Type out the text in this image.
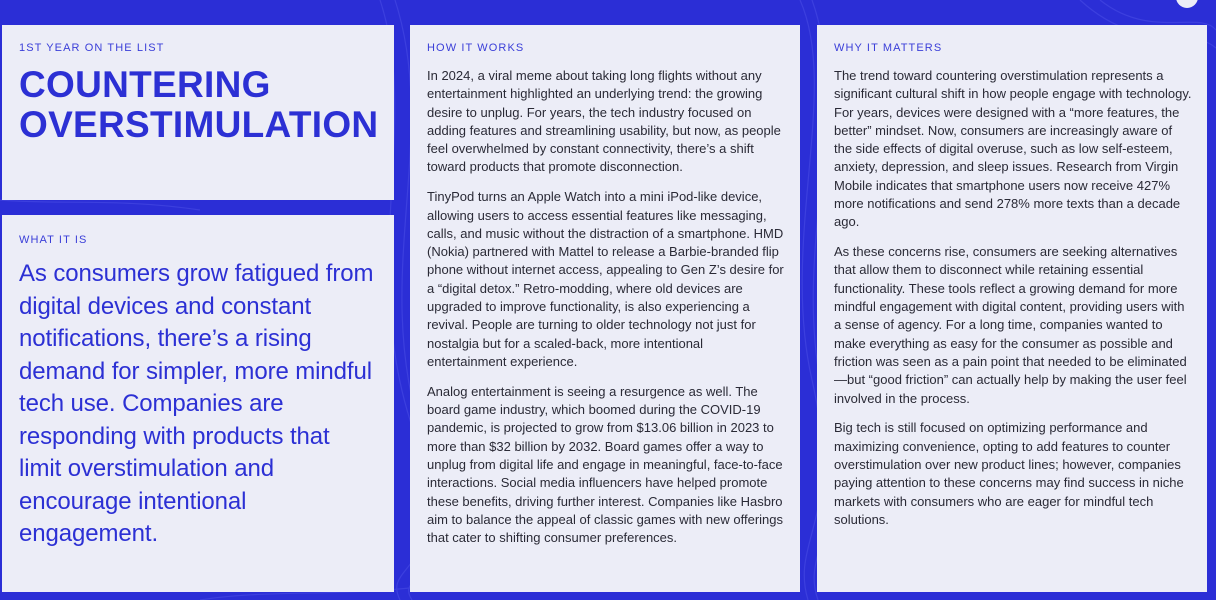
1ST YEAR ON THE LIST

COUNTERING
OVERSTIMULATION

WHAT IT IS

As consumers grow fatigued from digital devices and constant notifications, there’s a rising demand for simpler, more mindful tech use. Companies are responding with products that limit overstimulation and encourage intentional engagement.

HOW IT WORKS

In 2024, a viral meme about taking long flights without any entertainment highlighted an underlying trend: the growing desire to unplug. For years, the tech industry focused on adding features and streamlining usability, but now, as people feel overwhelmed by constant connectivity, there’s a shift toward products that promote disconnection.

TinyPod turns an Apple Watch into a mini iPod-like device, allowing users to access essential features like messaging, calls, and music without the distraction of a smartphone. HMD (Nokia) partnered with Mattel to release a Barbie-branded flip phone without internet access, appealing to Gen Z’s desire for a “digital detox.” Retro-modding, where old devices are upgraded to improve functionality, is also experiencing a revival. People are turning to older technology not just for nostalgia but for a scaled-back, more intentional entertainment experience.

Analog entertainment is seeing a resurgence as well. The board game industry, which boomed during the COVID-19 pandemic, is projected to grow from $13.06 billion in 2023 to more than $32 billion by 2032. Board games offer a way to unplug from digital life and engage in meaningful, face-to-face interactions. Social media influencers have helped promote these benefits, driving further interest. Companies like Hasbro aim to balance the appeal of classic games with new offerings that cater to shifting consumer preferences.

WHY IT MATTERS

The trend toward countering overstimulation represents a significant cultural shift in how people engage with technology. For years, devices were designed with a “more features, the better” mindset. Now, consumers are increasingly aware of the side effects of digital overuse, such as low self-esteem, anxiety, depression, and sleep issues. Research from Virgin Mobile indicates that smartphone users now receive 427% more notifications and send 278% more texts than a decade ago.

As these concerns rise, consumers are seeking alternatives that allow them to disconnect while retaining essential functionality. These tools reflect a growing demand for more mindful engagement with digital content, providing users with a sense of agency. For a long time, companies wanted to make everything as easy for the consumer as possible and friction was seen as a pain point that needed to be eliminated—but “good friction” can actually help by making the user feel involved in the process.

Big tech is still focused on optimizing performance and maximizing convenience, opting to add features to counter overstimulation over new product lines; however, companies paying attention to these concerns may find success in niche markets with consumers who are eager for mindful tech solutions.
